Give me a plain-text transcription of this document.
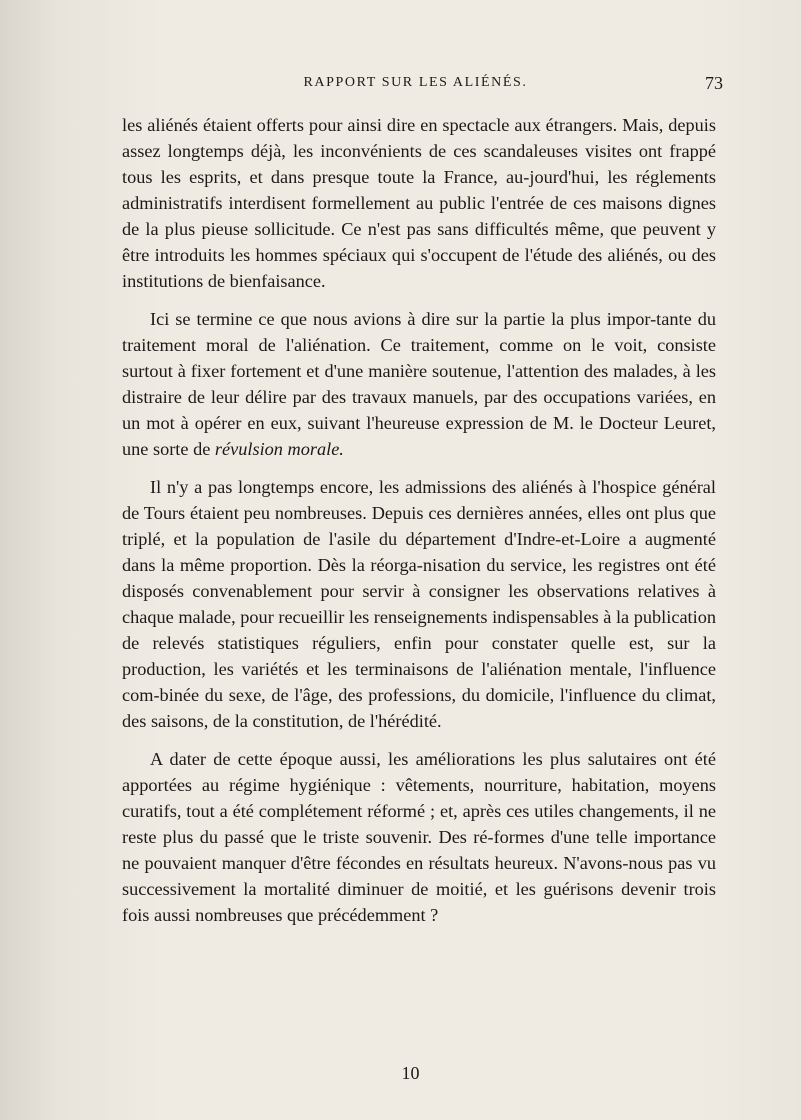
RAPPORT SUR LES ALIÉNÉS.	73

les aliénés étaient offerts pour ainsi dire en spectacle aux étrangers. Mais, depuis assez longtemps déjà, les inconvénients de ces scandaleuses visites ont frappé tous les esprits, et dans presque toute la France, au-jourd'hui, les réglements administratifs interdisent formellement au public l'entrée de ces maisons dignes de la plus pieuse sollicitude. Ce n'est pas sans difficultés même, que peuvent y être introduits les hommes spéciaux qui s'occupent de l'étude des aliénés, ou des institutions de bienfaisance.

Ici se termine ce que nous avions à dire sur la partie la plus impor-tante du traitement moral de l'aliénation. Ce traitement, comme on le voit, consiste surtout à fixer fortement et d'une manière soutenue, l'attention des malades, à les distraire de leur délire par des travaux manuels, par des occupations variées, en un mot à opérer en eux, suivant l'heureuse expression de M. le Docteur Leuret, une sorte de révulsion morale.

Il n'y a pas longtemps encore, les admissions des aliénés à l'hospice général de Tours étaient peu nombreuses. Depuis ces dernières années, elles ont plus que triplé, et la population de l'asile du département d'Indre-et-Loire a augmenté dans la même proportion. Dès la réorga-nisation du service, les registres ont été disposés convenablement pour servir à consigner les observations relatives à chaque malade, pour recueillir les renseignements indispensables à la publication de relevés statistiques réguliers, enfin pour constater quelle est, sur la production, les variétés et les terminaisons de l'aliénation mentale, l'influence com-binée du sexe, de l'âge, des professions, du domicile, l'influence du climat, des saisons, de la constitution, de l'hérédité.

A dater de cette époque aussi, les améliorations les plus salutaires ont été apportées au régime hygiénique : vêtements, nourriture, habitation, moyens curatifs, tout a été complétement réformé ; et, après ces utiles changements, il ne reste plus du passé que le triste souvenir. Des ré-formes d'une telle importance ne pouvaient manquer d'être fécondes en résultats heureux. N'avons-nous pas vu successivement la mortalité diminuer de moitié, et les guérisons devenir trois fois aussi nombreuses que précédemment ?

10
